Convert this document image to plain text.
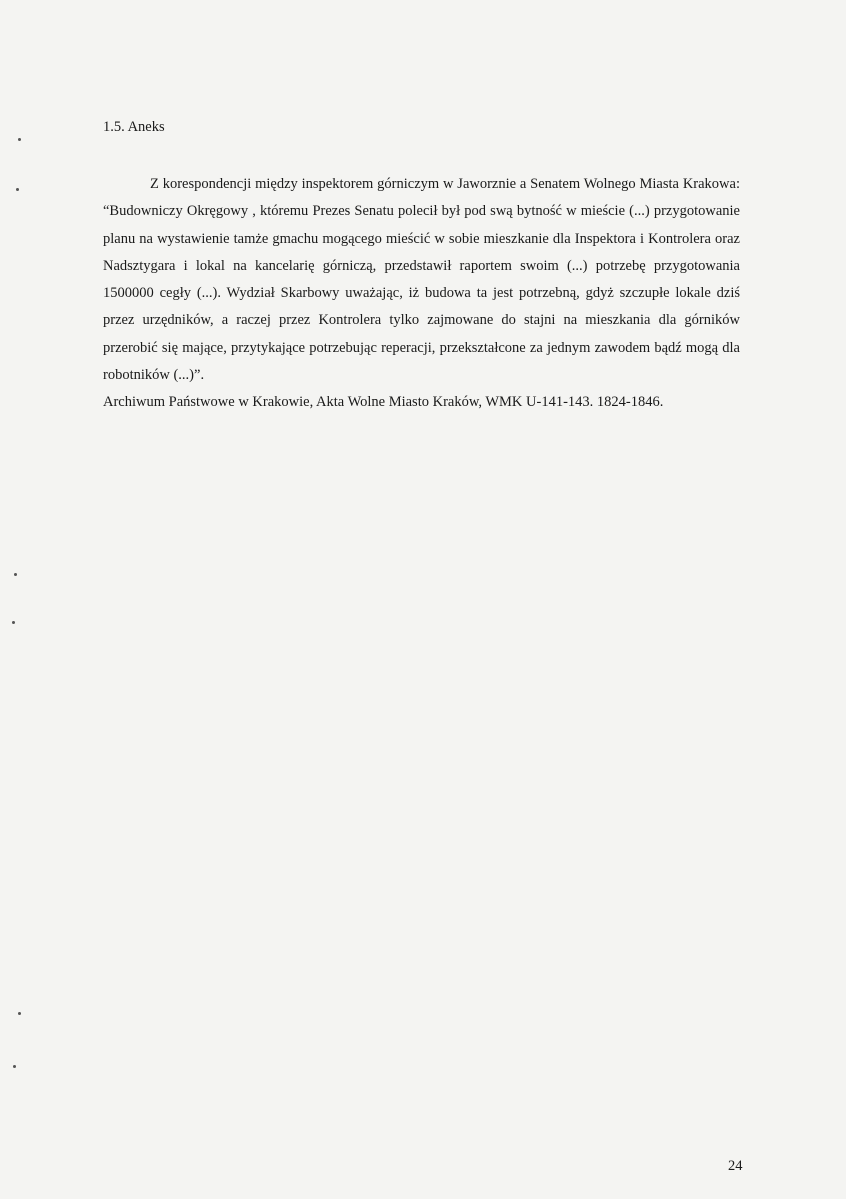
1.5. Aneks

Z korespondencji między inspektorem górniczym w Jaworznie a Senatem Wolnego Miasta Krakowa: “Budowniczy Okręgowy , któremu Prezes Senatu polecił był pod swą bytność w mieście (...) przygotowanie planu na wystawienie tamże gmachu mogącego mieścić w sobie mieszkanie dla Inspektora i Kontrolera oraz Nadsztygara i lokal na kancelarię górniczą, przedstawił raportem swoim (...) potrzebę przygotowania 1500000 cegły (...). Wydział Skarbowy uważając, iż budowa ta jest potrzebną, gdyż szczupłe lokale dziś przez urzędników, a raczej przez Kontrolera tylko zajmowane do stajni na mieszkania dla górników przerobić się mające, przytykające potrzebując reperacji, przekształcone za jednym zawodem bądź mogą dla robotników (...)”.

Archiwum Państwowe w Krakowie, Akta Wolne Miasto Kraków, WMK U-141-143. 1824-1846.

24
